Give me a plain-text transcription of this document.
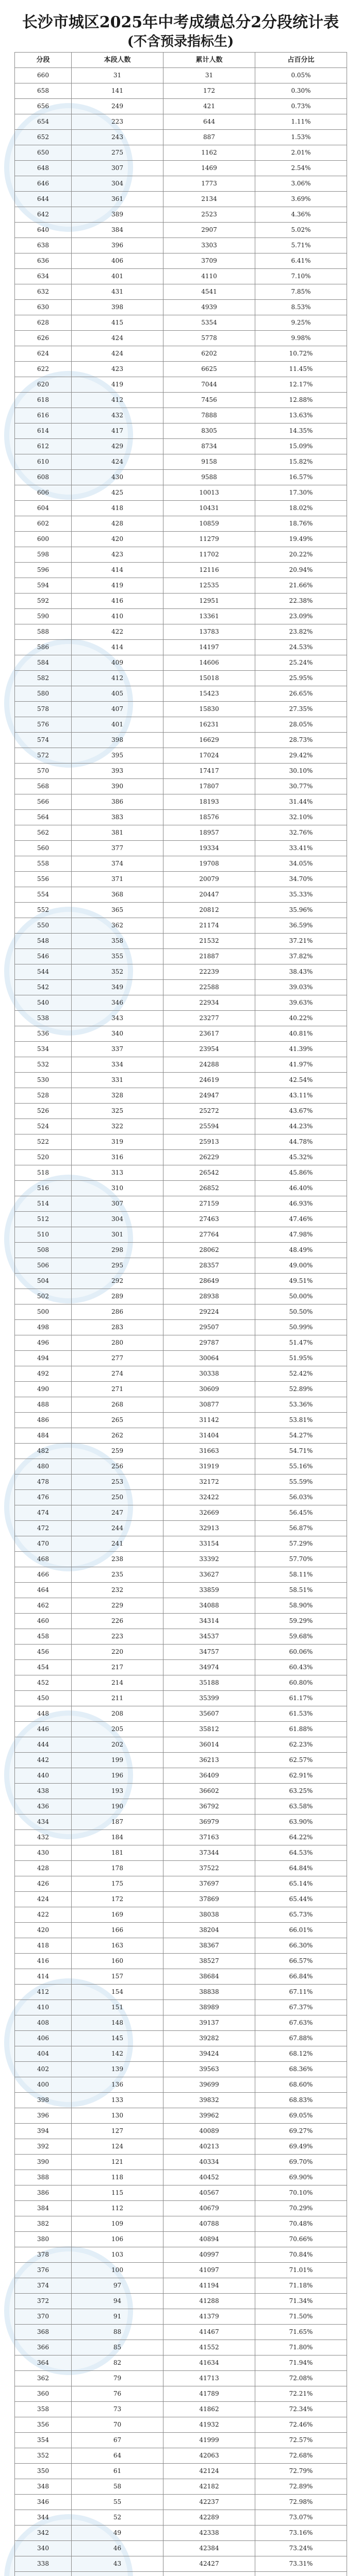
长沙市城区2025年中考成绩总分2分段统计表
(不含预录指标生)
分段	本段人数	累计人数	占百分比
660	31	31	0.05%
658	141	172	0.30%
656	249	421	0.73%
654	223	644	1.11%
652	243	887	1.53%
650	275	1162	2.01%
648	307	1469	2.54%
646	304	1773	3.06%
644	361	2134	3.69%
642	389	2523	4.36%
640	384	2907	5.02%
638	396	3303	5.71%
636	406	3709	6.41%
634	401	4110	7.10%
632	431	4541	7.85%
630	398	4939	8.53%
628	415	5354	9.25%
626	424	5778	9.98%
624	424	6202	10.72%
622	423	6625	11.45%
620	419	7044	12.17%
618	412	7456	12.88%
616	432	7888	13.63%
614	417	8305	14.35%
612	429	8734	15.09%
610	424	9158	15.82%
608	430	9588	16.57%
606	425	10013	17.30%
604	418	10431	18.02%
602	428	10859	18.76%
600	420	11279	19.49%
598	423	11702	20.22%
596	414	12116	20.94%
594	419	12535	21.66%
592	416	12951	22.38%
590	410	13361	23.09%
588	422	13783	23.82%
586	414	14197	24.53%
584	409	14606	25.24%
582	412	15018	25.95%
580	405	15423	26.65%
578	407	15830	27.35%
576	401	16231	28.05%
574	398	16629	28.73%
572	395	17024	29.42%
570	393	17417	30.10%
568	390	17807	30.77%
566	386	18193	31.44%
564	383	18576	32.10%
562	381	18957	32.76%
560	377	19334	33.41%
558	374	19708	34.05%
556	371	20079	34.70%
554	368	20447	35.33%
552	365	20812	35.96%
550	362	21174	36.59%
548	358	21532	37.21%
546	355	21887	37.82%
544	352	22239	38.43%
542	349	22588	39.03%
540	346	22934	39.63%
538	343	23277	40.22%
536	340	23617	40.81%
534	337	23954	41.39%
532	334	24288	41.97%
530	331	24619	42.54%
528	328	24947	43.11%
526	325	25272	43.67%
524	322	25594	44.23%
522	319	25913	44.78%
520	316	26229	45.32%
518	313	26542	45.86%
516	310	26852	46.40%
514	307	27159	46.93%
512	304	27463	47.46%
510	301	27764	47.98%
508	298	28062	48.49%
506	295	28357	49.00%
504	292	28649	49.51%
502	289	28938	50.00%
500	286	29224	50.50%
498	283	29507	50.99%
496	280	29787	51.47%
494	277	30064	51.95%
492	274	30338	52.42%
490	271	30609	52.89%
488	268	30877	53.36%
486	265	31142	53.81%
484	262	31404	54.27%
482	259	31663	54.71%
480	256	31919	55.16%
478	253	32172	55.59%
476	250	32422	56.03%
474	247	32669	56.45%
472	244	32913	56.87%
470	241	33154	57.29%
468	238	33392	57.70%
466	235	33627	58.11%
464	232	33859	58.51%
462	229	34088	58.90%
460	226	34314	59.29%
458	223	34537	59.68%
456	220	34757	60.06%
454	217	34974	60.43%
452	214	35188	60.80%
450	211	35399	61.17%
448	208	35607	61.53%
446	205	35812	61.88%
444	202	36014	62.23%
442	199	36213	62.57%
440	196	36409	62.91%
438	193	36602	63.25%
436	190	36792	63.58%
434	187	36979	63.90%
432	184	37163	64.22%
430	181	37344	64.53%
428	178	37522	64.84%
426	175	37697	65.14%
424	172	37869	65.44%
422	169	38038	65.73%
420	166	38204	66.01%
418	163	38367	66.30%
416	160	38527	66.57%
414	157	38684	66.84%
412	154	38838	67.11%
410	151	38989	67.37%
408	148	39137	67.63%
406	145	39282	67.88%
404	142	39424	68.12%
402	139	39563	68.36%
400	136	39699	68.60%
398	133	39832	68.83%
396	130	39962	69.05%
394	127	40089	69.27%
392	124	40213	69.49%
390	121	40334	69.70%
388	118	40452	69.90%
386	115	40567	70.10%
384	112	40679	70.29%
382	109	40788	70.48%
380	106	40894	70.66%
378	103	40997	70.84%
376	100	41097	71.01%
374	97	41194	71.18%
372	94	41288	71.34%
370	91	41379	71.50%
368	88	41467	71.65%
366	85	41552	71.80%
364	82	41634	71.94%
362	79	41713	72.08%
360	76	41789	72.21%
358	73	41862	72.34%
356	70	41932	72.46%
354	67	41999	72.57%
352	64	42063	72.68%
350	61	42124	72.79%
348	58	42182	72.89%
346	55	42237	72.98%
344	52	42289	73.07%
342	49	42338	73.16%
340	46	42384	73.24%
338	43	42427	73.31%
